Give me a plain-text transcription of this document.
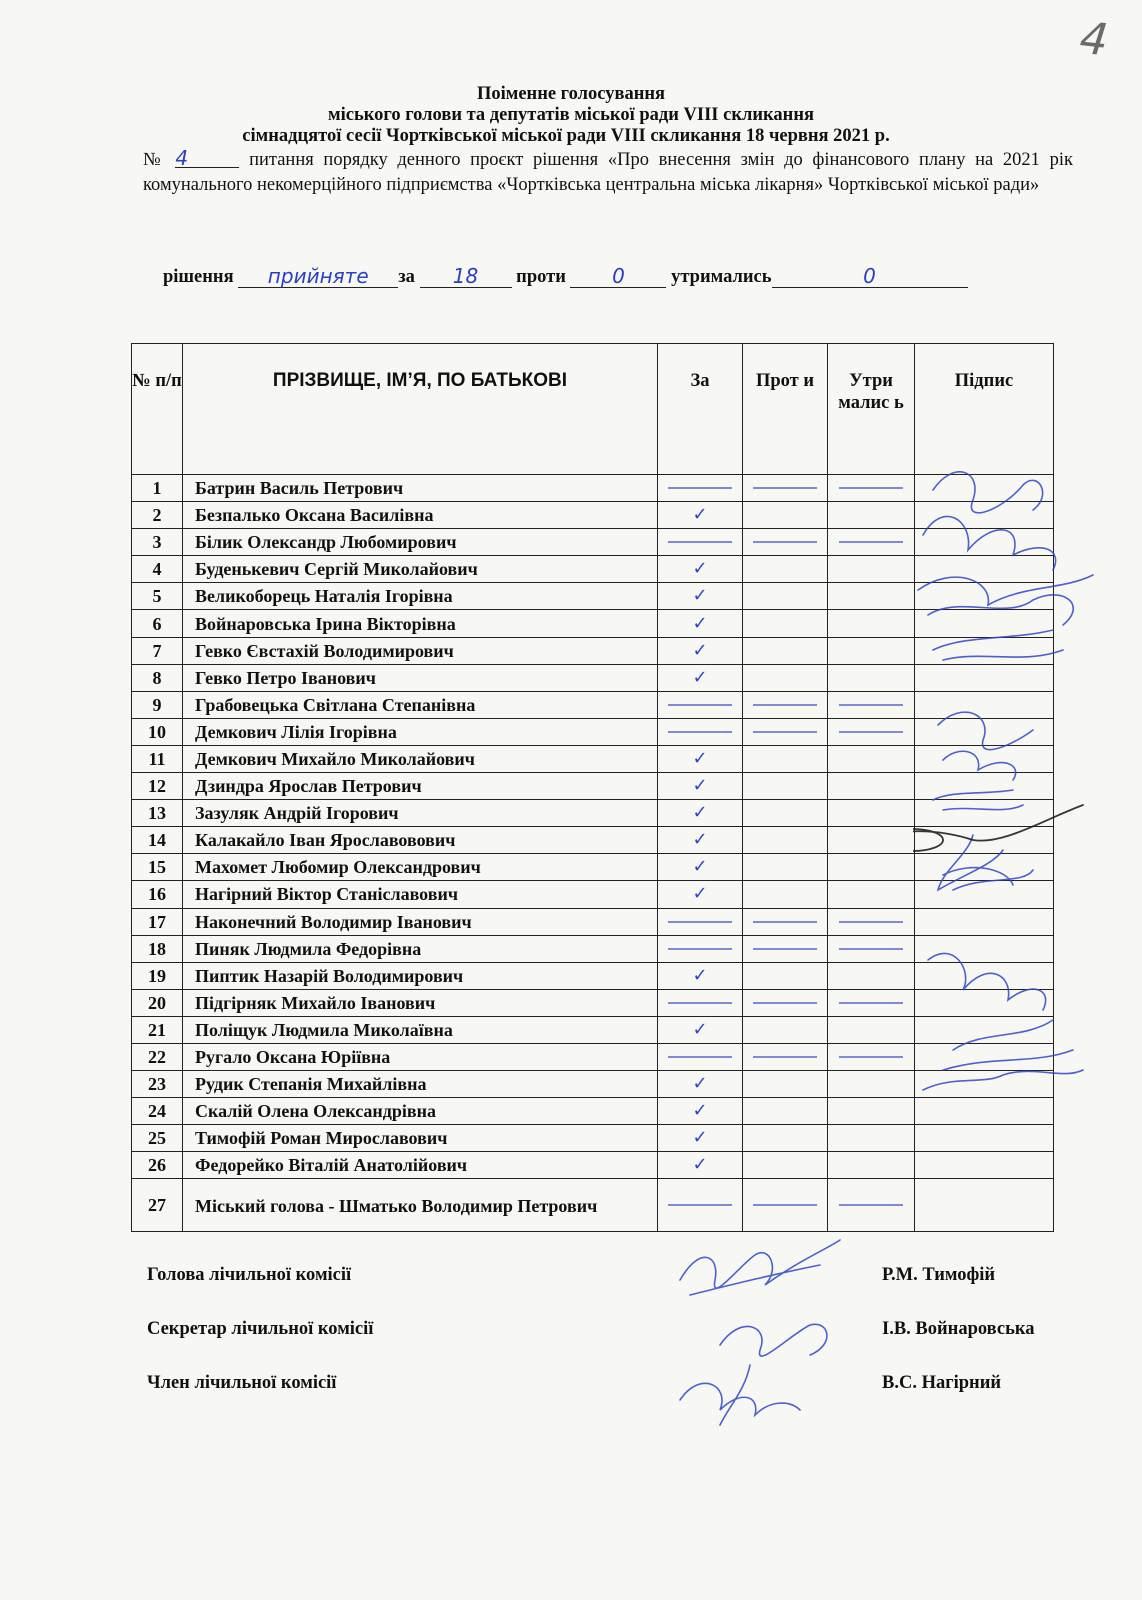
4
Поіменне голосування
міського голови та депутатів міської ради VIII скликання
сімнадцятої сесії Чортківської міської ради VIII скликання 18 червня 2021 р.
№ 4	питання порядку денного проєкт рішення «Про внесення змін до фінансового плану на 2021 рік комунального некомерційного підприємства «Чортківська центральна міська лікарня» Чортківської міської ради»
рішення прийняте за 18 проти 0	утримались	0
№ п/п	ПРІЗВИЩЕ, ІМ’Я, ПО БАТЬКОВІ	За	Прот и	Утри малис ь	Підпис
1	Батрин Василь Петрович				
2	Безпалько Оксана Василівна	✓			
3	Білик Олександр Любомирович				
4	Буденькевич Сергій Миколайович	✓			
5	Великоборець Наталія Ігорівна	✓			
6	Войнаровська Ірина Вікторівна	✓			
7	Гевко Євстахій Володимирович	✓			
8	Гевко Петро Іванович	✓			
9	Грабовецька Світлана Степанівна				
10	Демкович Лілія Ігорівна				
11	Демкович Михайло Миколайович	✓			
12	Дзиндра Ярослав Петрович	✓			
13	Зазуляк Андрій Ігорович	✓			
14	Калакайло Іван Ярославовович	✓			
15	Махомет Любомир Олександрович	✓			
16	Нагірний Віктор Станіславович	✓			
17	Наконечний Володимир Іванович				
18	Пиняк Людмила Федорівна				
19	Пиптик Назарій Володимирович	✓			
20	Підгірняк Михайло Іванович				
21	Поліщук Людмила Миколаївна	✓			
22	Ругало Оксана Юріївна				
23	Рудик Степанія Михайлівна	✓			
24	Скалій Олена Олександрівна	✓			
25	Тимофій Роман Мирославович	✓			
26	Федорейко Віталій Анатолійович	✓			
27	Міський голова - Шматько Володимир Петрович				
Голова лічильної комісії	Р.М. Тимофій
Секретар лічильної комісії	І.В. Войнаровська
Член лічильної комісії	В.С. Нагірний
